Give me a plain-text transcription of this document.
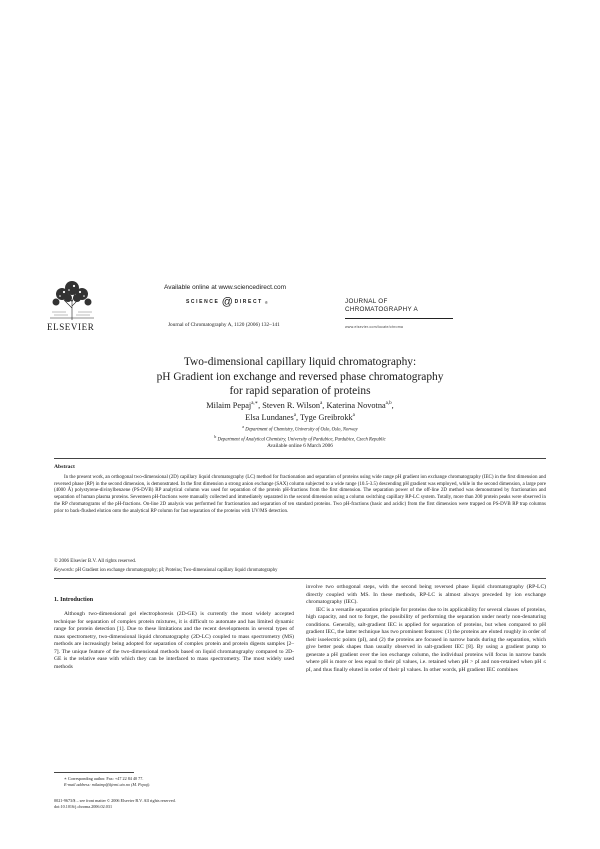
ELSEVIER
Available online at www.sciencedirect.com
SCIENCE @ DIRECT ®
Journal of Chromatography A, 1120 (2006) 132–141
JOURNAL OF
CHROMATOGRAPHY A
www.elsevier.com/locate/chroma
Two-dimensional capillary liquid chromatography:
pH Gradient ion exchange and reversed phase chromatography
for rapid separation of proteins
Milaim Pepaj$^{a,∗}$, Steven R. Wilson$^a$, Katerina Novotna$^{a,b}$,
Elsa Lundanes$^a$, Tyge Greibrokk$^a$
$^a$ Department of Chemistry, University of Oslo, Oslo, Norway
$^b$ Department of Analytical Chemistry, University of Pardubice, Pardubice, Czech Republic
Available online 6 March 2006
Abstract
In the present work, an orthogonal two-dimensional (2D) capillary liquid chromatography (LC) method for fractionation and separation of proteins using wide range pH gradient ion exchange chromatography (IEC) in the first dimension and reversed phase (RP) in the second dimension, is demonstrated. In the first dimension a strong anion exchange (SAX) column subjected to a wide range (10.5-3.5) descending pH gradient was employed, while in the second dimension, a large pore (4000 Å) polystyrene-divinylbenzene (PS-DVB) RP analytical column was used for separation of the protein pH-fractions from the first dimension. The separation power of the off-line 2D method was demonstrated by fractionation and separation of human plasma proteins. Seventeen pH-fractions were manually collected and immediately separated in the second dimension using a column switching capillary RP-LC system. Totally, more than 200 protein peaks were observed in the RP chromatograms of the pH-fractions. On-line 2D analysis was performed for fractionation and separation of ten standard proteins. Two pH-fractions (basic and acidic) from the first dimension were trapped on PS-DVB RP trap columns prior to back-flushed elution onto the analytical RP column for fast separation of the proteins with UV/MS detection.
© 2006 Elsevier B.V. All rights reserved.
Keywords: pH Gradient ion exchange chromatography; pI; Proteins; Two-dimensional capillary liquid chromatography
1. Introduction

Although two-dimensional gel electrophoresis (2D-GE) is currently the most widely accepted technique for separation of complex protein mixtures, it is difficult to automate and has limited dynamic range for protein detection [1]. Due to these limitations and the recent developments in several types of mass spectrometry, two-dimensional liquid chromatography (2D-LC) coupled to mass spectrometry (MS) methods are increasingly being adopted for separation of complex protein and protein digests samples [2–7]. The unique feature of the two-dimensional methods based on liquid chromatography compared to 2D-GE is the relative ease with which they can be interfaced to mass spectrometry. The most widely used methods

involve two orthogonal steps, with the second being reversed phase liquid chromatography (RP-LC) directly coupled with MS. In these methods, RP-LC is almost always preceded by ion exchange chromatography (IEC).

IEC is a versatile separation principle for proteins due to its applicability for several classes of proteins, high capacity, and not to forget, the possibility of performing the separation under nearly non-denaturing conditions. Generally, salt-gradient IEC is applied for separation of proteins, but when compared to pH gradient IEC, the latter technique has two prominent features: (1) the proteins are eluted roughly in order of their isoelectric points (pI), and (2) the proteins are focused in narrow bands during the separation, which give better peak shapes than usually observed in salt-gradient IEC [8]. By using a gradient pump to generate a pH gradient over the ion exchange column, the individual proteins will focus in narrow bands where pH is more or less equal to their pI values, i.e. retained when pH > pI and non-retained when pH ≤ pI, and thus finally eluted in order of their pI values. In other words, pH gradient IEC combines

∗ Corresponding author. Fax: +47 22 84 40 77.
E-mail address: milaimp@kjemi.uio.no (M. Pepaj).
0021-9673/$ – see front matter © 2006 Elsevier B.V. All rights reserved.
doi:10.1016/j.chroma.2006.02.031
